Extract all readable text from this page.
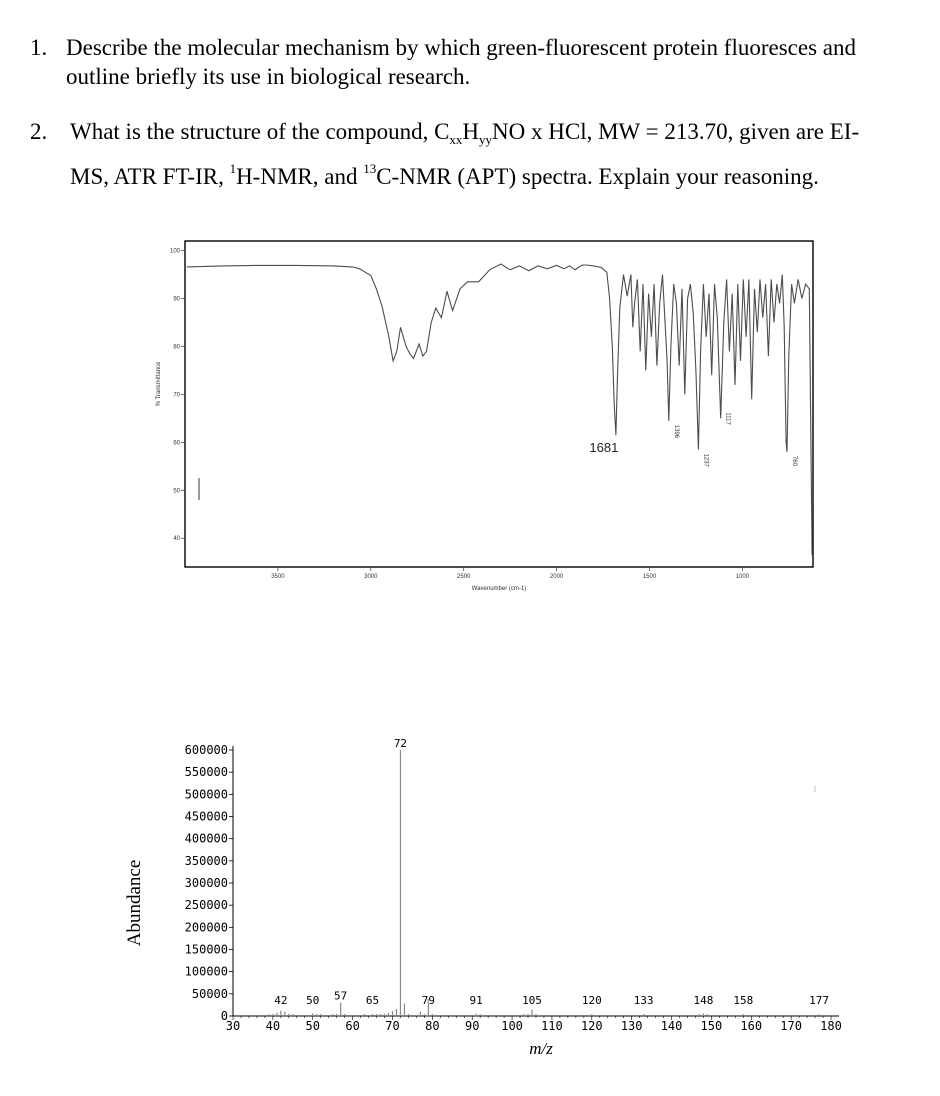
1. Describe the molecular mechanism by which green-fluorescent protein fluoresces and
outline briefly its use in biological research.
2. What is the structure of the compound, $C_{xx}H_{yy}NO$ x HCl, MW = 213.70, given are EI-
MS, ATR FT-IR, $^1$H-NMR, and $^{13}$C-NMR (APT) spectra. Explain your reasoning.
100
90
80
70
60
50
40
3500	3000	2500	2000	1500	1000
Wavenumber (cm-1)
% Transmittance
1681
1396
1237
1117
760
600000
550000
500000
450000
400000
350000
300000
250000
200000
150000
100000
50000
0
30 40 50 60 70 80 90 100 110 120 130 140 150 160 170 180
Abundance
m/z
42 50 57 65
72
79	91	105	120	133	148 158	177
